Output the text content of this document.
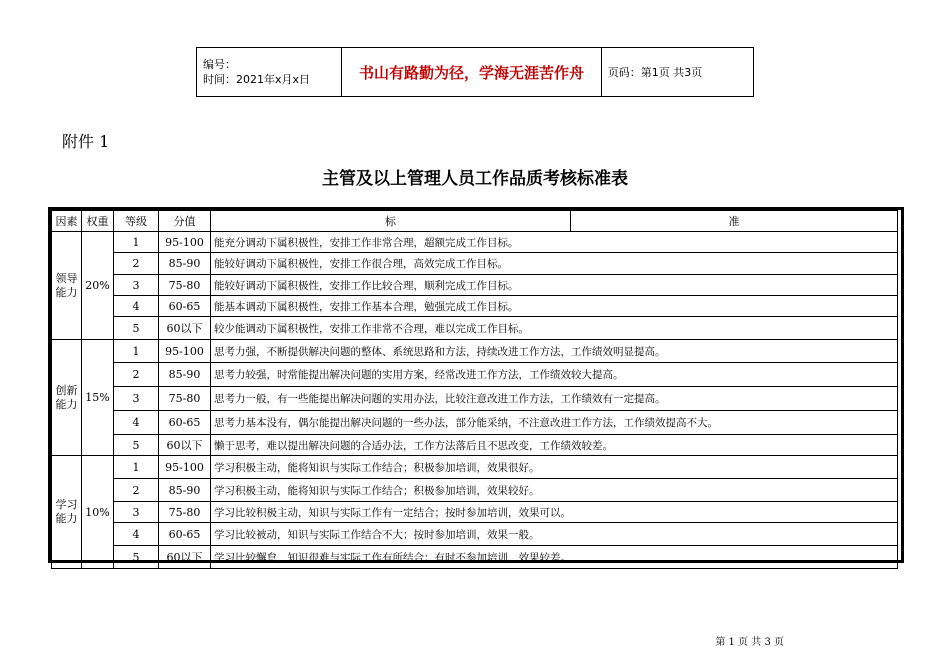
编号：
时间：2021年x月x日	书山有路勤为径，学海无涯苦作舟	页码：第1页 共3页
附件 1
主管及以上管理人员工作品质考核标准表
因素	权重	等级	分值	标	准
领导能力	20%	1	95-100	能充分调动下属积极性，安排工作非常合理，超额完成工作目标。	
		2	85-90	能较好调动下属积极性，安排工作很合理，高效完成工作目标。	
		3	75-80	能较好调动下属积极性，安排工作比较合理，顺利完成工作目标。	
		4	60-65	能基本调动下属积极性，安排工作基本合理，勉强完成工作目标。	
		5	60以下	较少能调动下属积极性，安排工作非常不合理，难以完成工作目标。	
创新能力	15%	1	95-100	思考力强，不断提供解决问题的整体、系统思路和方法，持续改进工作方法，工作绩效明显提高。	
		2	85-90	思考力较强，时常能提出解决问题的实用方案，经常改进工作方法，工作绩效较大提高。	
		3	75-80	思考力一般，有一些能提出解决问题的实用办法，比较注意改进工作方法，工作绩效有一定提高。	
		4	60-65	思考力基本没有，偶尔能提出解决问题的一些办法，部分能采纳，不注意改进工作方法，工作绩效提高不大。	
		5	60以下	懒于思考，难以提出解决问题的合适办法，工作方法落后且不思改变，工作绩效较差。	
学习能力	10%	1	95-100	学习积极主动，能将知识与实际工作结合；积极参加培训，效果很好。	
		2	85-90	学习积极主动，能将知识与实际工作结合；积极参加培训，效果较好。	
		3	75-80	学习比较积极主动，知识与实际工作有一定结合；按时参加培训，效果可以。	
		4	60-65	学习比较被动，知识与实际工作结合不大；按时参加培训，效果一般。	
		5	60以下	学习比较懈怠，知识很难与实际工作有所结合；有时不参加培训，效果较差。	
第 1 页 共 3 页
